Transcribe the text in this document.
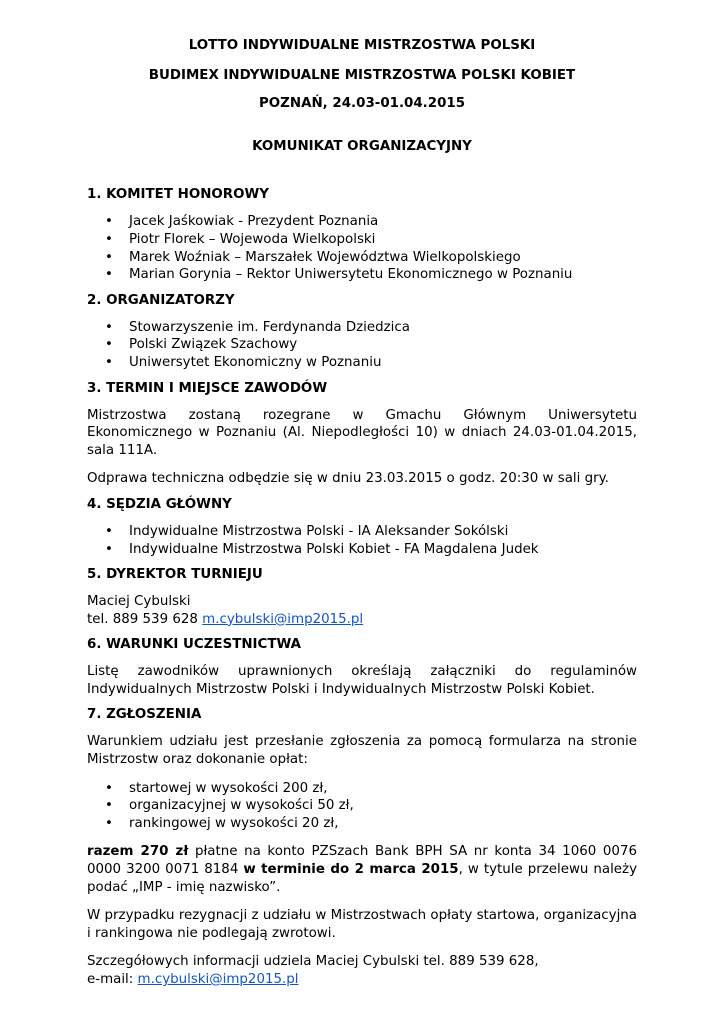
LOTTO INDYWIDUALNE MISTRZOSTWA POLSKI

BUDIMEX INDYWIDUALNE MISTRZOSTWA POLSKI KOBIET

POZNAŃ, 24.03-01.04.2015

KOMUNIKAT ORGANIZACYJNY

1. KOMITET HONOROWY
• Jacek Jaśkowiak - Prezydent Poznania
• Piotr Florek – Wojewoda Wielkopolski
• Marek Woźniak – Marszałek Województwa Wielkopolskiego
• Marian Gorynia – Rektor Uniwersytetu Ekonomicznego w Poznaniu
2. ORGANIZATORZY
• Stowarzyszenie im. Ferdynanda Dziedzica
• Polski Związek Szachowy
• Uniwersytet Ekonomiczny w Poznaniu
3. TERMIN I MIEJSCE ZAWODÓW

Mistrzostwa zostaną rozegrane w Gmachu Głównym Uniwersytetu Ekonomicznego w Poznaniu (Al. Niepodległości 10) w dniach 24.03-01.04.2015, sala 111A.

Odprawa techniczna odbędzie się w dniu 23.03.2015 o godz. 20:30 w sali gry.

4. SĘDZIA GŁÓWNY
• Indywidualne Mistrzostwa Polski - IA Aleksander Sokólski
• Indywidualne Mistrzostwa Polski Kobiet - FA Magdalena Judek
5. DYREKTOR TURNIEJU

Maciej Cybulski

tel. 889 539 628 m.cybulski@imp2015.pl

6. WARUNKI UCZESTNICTWA

Listę zawodników uprawnionych określają załączniki do regulaminów Indywidualnych Mistrzostw Polski i Indywidualnych Mistrzostw Polski Kobiet.

7. ZGŁOSZENIA

Warunkiem udziału jest przesłanie zgłoszenia za pomocą formularza na stronie Mistrzostw oraz dokonanie opłat:

• startowej w wysokości 200 zł,
• organizacyjnej w wysokości 50 zł,
• rankingowej w wysokości 20 zł,

razem 270 zł płatne na konto PZSzach Bank BPH SA nr konta 34 1060 0076 0000 3200 0071 8184 w terminie do 2 marca 2015, w tytule przelewu należy podać „IMP - imię nazwisko”.

W przypadku rezygnacji z udziału w Mistrzostwach opłaty startowa, organizacyjna i rankingowa nie podlegają zwrotowi.

Szczegółowych informacji udziela Maciej Cybulski tel. 889 539 628,

e-mail: m.cybulski@imp2015.pl
